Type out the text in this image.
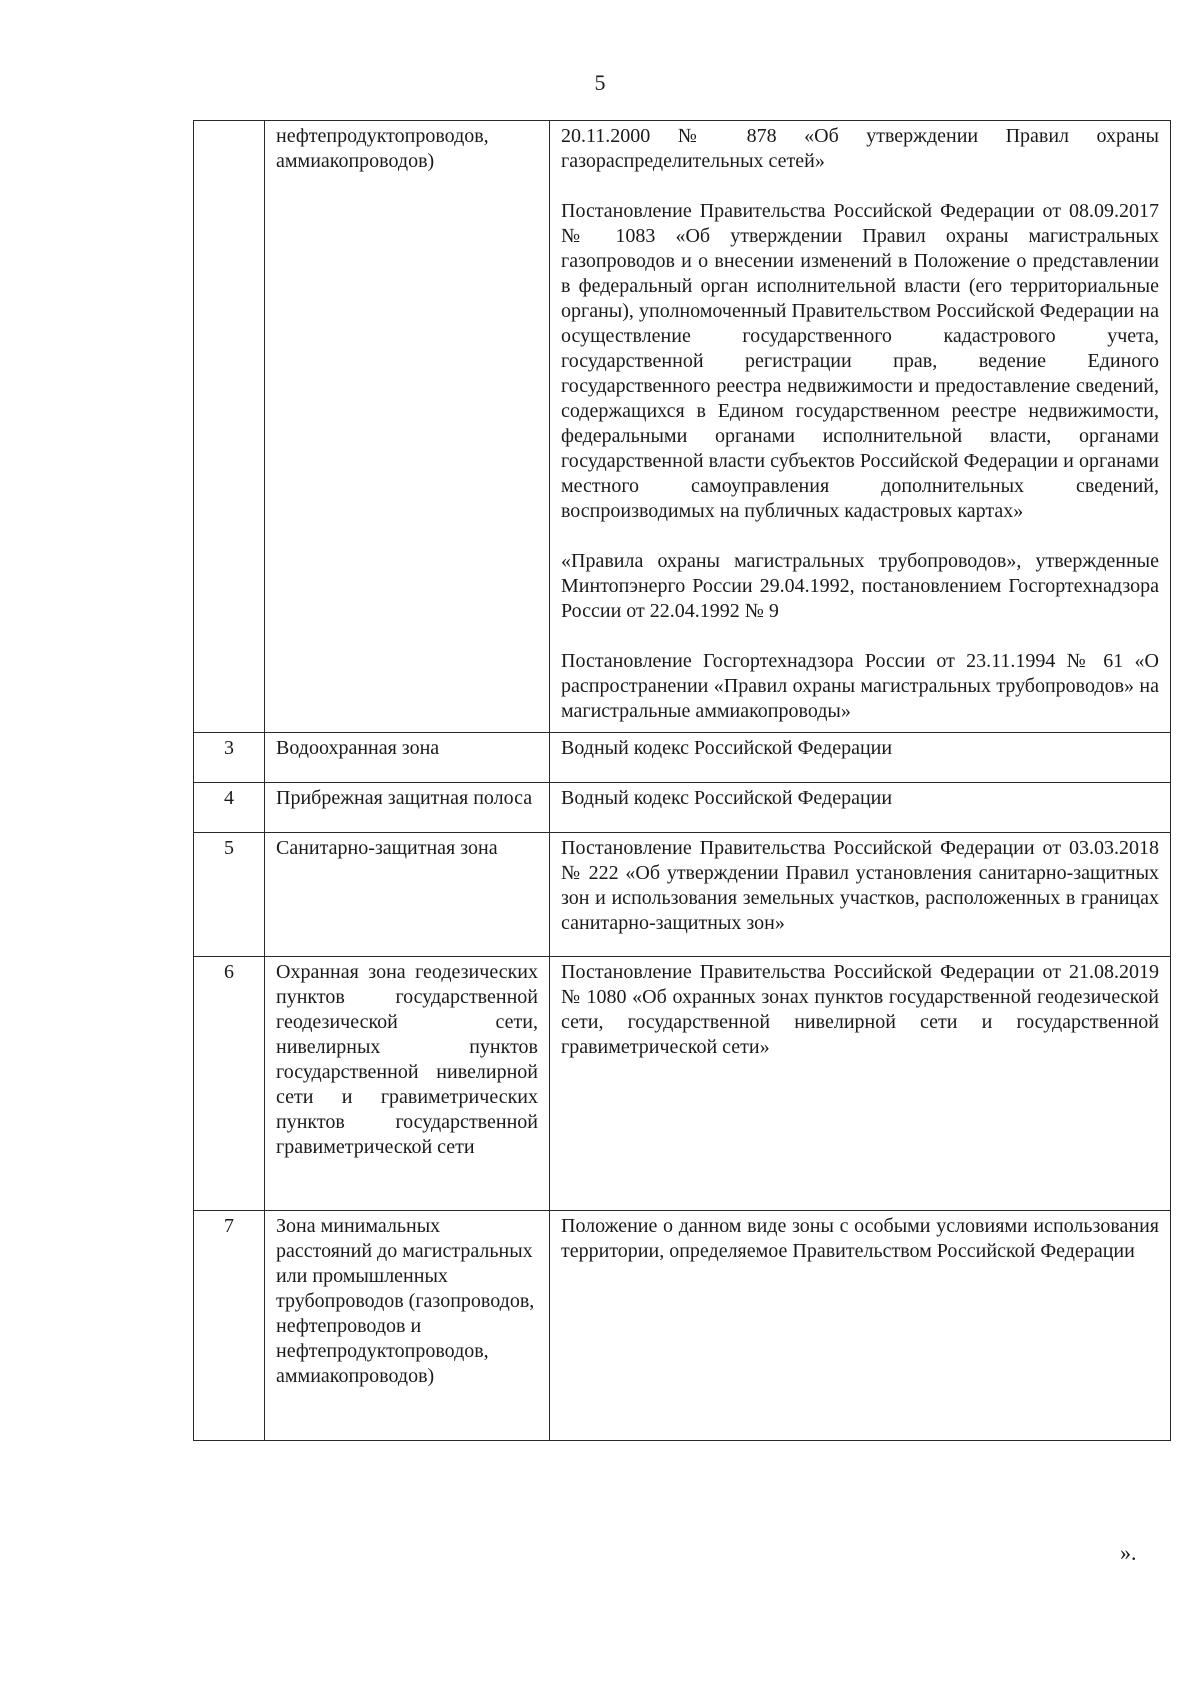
5

	нефтепродуктопроводов, аммиакопроводов)	20.11.2000 № 878 «Об утверждении Правил охраны газораспределительных сетей»
Постановление Правительства Российской Федерации от 08.09.2017 № 1083 «Об утверждении Правил охраны магистральных газопроводов и о внесении изменений в Положение о представлении в федеральный орган исполнительной власти (его территориальные органы), уполномоченный Правительством Российской Федерации на осуществление государственного кадастрового учета, государственной регистрации прав, ведение Единого государственного реестра недвижимости и предоставление сведений, содержащихся в Едином государственном реестре недвижимости, федеральными органами исполнительной власти, органами государственной власти субъектов Российской Федерации и органами местного самоуправления дополнительных сведений, воспроизводимых на публичных кадастровых картах»
«Правила охраны магистральных трубопроводов», утвержденные Минтопэнерго России 29.04.1992, постановлением Госгортехнадзора России от 22.04.1992 № 9
Постановление Госгортехнадзора России от 23.11.1994 № 61 «О распространении «Правил охраны магистральных трубопроводов» на магистральные аммиакопроводы»

3	Водоохранная зона	Водный кодекс Российской Федерации

4	Прибрежная защитная полоса	Водный кодекс Российской Федерации

5	Санитарно-защитная зона	Постановление Правительства Российской Федерации от 03.03.2018 № 222 «Об утверждении Правил установления санитарно-защитных зон и использования земельных участков, расположенных в границах санитарно-защитных зон»

6	Охранная зона геодезических пунктов государственной геодезической сети, нивелирных пунктов государственной нивелирной сети и гравиметрических пунктов государственной гравиметрической сети	Постановление Правительства Российской Федерации от 21.08.2019 № 1080 «Об охранных зонах пунктов государственной геодезической сети, государственной нивелирной сети и государственной гравиметрической сети»

7	Зона минимальных расстояний до магистральных или промышленных трубопроводов (газопроводов, нефтепроводов и нефтепродуктопроводов, аммиакопроводов)	Положение о данном виде зоны с особыми условиями использования территории, определяемое Правительством Российской Федерации
».
